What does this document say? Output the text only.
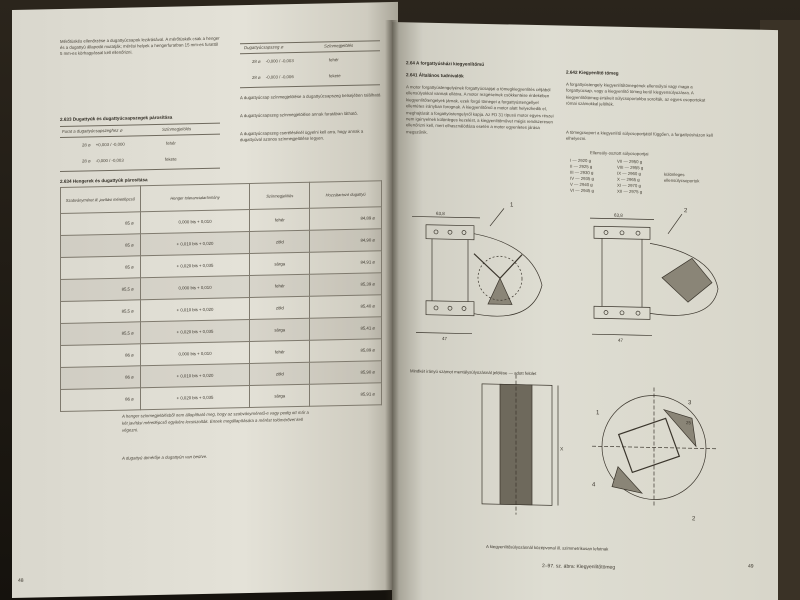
Mérőtüskés ellenőrzése a dugattyúcsapok lezárásával. A mérőtüskék csak a henger és a dugattyú állapotát mutatják; mérési helyek a hengerfuratban 15 mm-es furattól 5 mm-es körhagyással kell ellenőrizni.
2.633 Dugattyúk és dugattyúcsapszegek párosítása
Furat a dugattyúcsapszeghez ⌀	Színmegjelölés
28 ⌀ +0,003 / -0,000	fehér
28 ⌀ -0,000 / -0,003	fekete
Dugattyúcsapszeg ⌀	Színmegjelölés
28 ⌀ -0,000 / -0,003	fehér
28 ⌀ -0,003 / -0,006	fekete
A dugattyúcsap színmegjelölése a dugattyúcsapszeg belsejében található.
A dugattyúcsapszeg színmegjelölése annak furatában látható.
A dugattyúcsapszeg cserélésénél ügyelni kell arra, hogy annak a dugattyúval azonos színmegjelölése legyen.
2.634 Hengerek és dugattyúk párosítása
Szabványméret ill. javítási méretlépcső	Henger toleranciatartomány	Színmegjelölés	Hozzátartozó dugattyú
85 ⌀	0,000 bis + 0,010	fehér	84,89 ⌀
85 ⌀	+ 0,010 bis + 0,020	zöld	84,90 ⌀
85 ⌀	+ 0,020 bis + 0,035	sárga	84,91 ⌀
85,5 ⌀	0,000 bis + 0,010	fehér	85,39 ⌀
85,5 ⌀	+ 0,010 bis + 0,020	zöld	85,40 ⌀
85,5 ⌀	+ 0,020 bis + 0,035	sárga	85,41 ⌀
86 ⌀	0,000 bis + 0,010	fehér	85,89 ⌀
86 ⌀	+ 0,010 bis + 0,020	zöld	85,90 ⌀
86 ⌀	+ 0,020 bis + 0,035	sárga	85,91 ⌀
A henger színmegjelölésből nem állapítható meg, hogy az szabványméretű-e vagy pedig ott már a két javítási méretlépcső egyikére lecsiszolták. Ennek megállapítására a mérést tolómérővel kell végezni.
A dugattyú átmérője a dugattyún van beütve.
48
2.64 A forgattyúsházi kiegyenlítőmű
2.641 Általános tudnivalók
A motor forgattyústengelyének forgattyúcsapjai a tömegkiegyenlítés céljából ellensúlyokkal vannak ellátva. A motor rezgéseinek csökkentése érdekében kiegyenlítőtengelyek járnak, ezek forgó tömegei a forgattyústengellyel ellentétes irányban forognak. A kiegyenlítőmű a motor alatt helyezkedik el, meghajtását a forgattyústengelyről kapja. Az FD 31 típusú motor egyes részei nem igényelnek különleges kezelést, a kiegyenlítőművet mégis rendszeresen ellenőrizni kell, mert elhasználódása esetén a motor egyenletes járása megszűnik.
2.642 Kiegyenlítő tömeg
A forgattyústengely kiegyenlítőtömegének ellensúlyai vagy maga a forgattyúcsap, vagy a kiegyenlítő tömeg kerül kiegyensúlyozásra. A kiegyenlítőtömeg értékeit súlycsoportokba sorolták, az egyes csoportokat római számokkal jelölték.
A tömegcsoport a kiegyenlítő súlycsoportjától függően, a forgattyúsházon kell elhelyezni.
Ellensúly-osztott súlycsoportjai
I — 2920 g
II — 2925 g
III — 2930 g
IV — 2935 g
V — 2940 g
VI — 2945 g
VII — 2950 g
VIII — 2955 g
IX — 2960 g
X — 2965 g
XI — 2970 g
XII — 2975 g
különleges ellensúlycsoportok
63,8
47
1
63,8
47
2
X
1
3
4
2
25
Mindkét irányú számot mentálysúlyozásnál jelölése — adott felület
A kiegyenlítősúlyozásnál középvonal ill. szimmetrikusan lefutnak
2–97. sz. ábra: Kiegyenlítőtömeg	49
